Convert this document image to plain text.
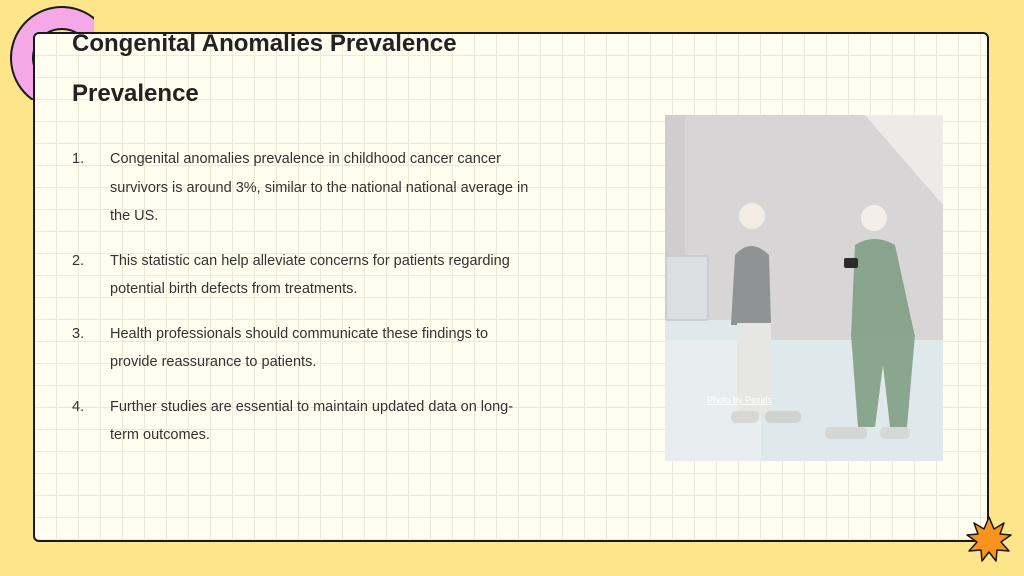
Congenital Anomalies Prevalence
Prevalence
1.	Congenital anomalies prevalence in childhood cancer cancer survivors is around 3%, similar to the national national average in the US.
2.	This statistic can help alleviate concerns for patients regarding potential birth defects from treatments.
3.	Health professionals should communicate these findings to provide reassurance to patients.
4.	Further studies are essential to maintain updated data on long-term outcomes.
Photo by Pexels
